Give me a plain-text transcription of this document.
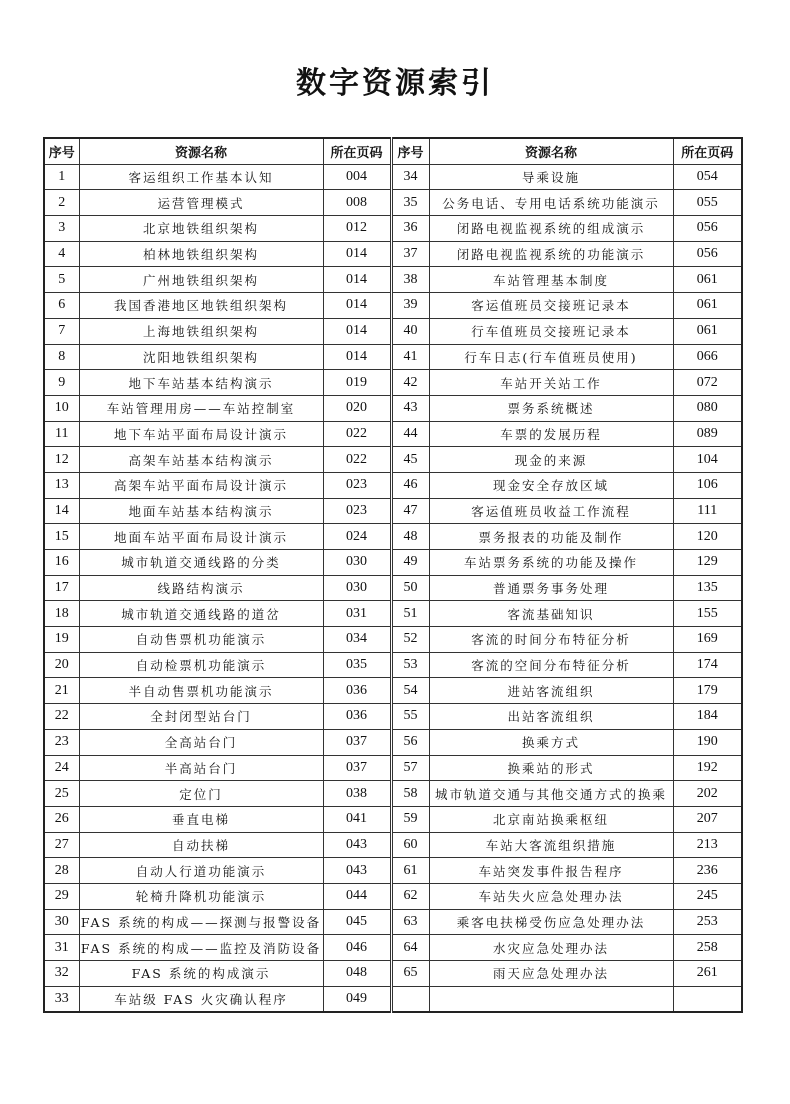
数字资源索引
序号	资源名称	所在页码	序号	资源名称	所在页码
1	客运组织工作基本认知	004	34	导乘设施	054
2	运营管理模式	008	35	公务电话、专用电话系统功能演示	055
3	北京地铁组织架构	012	36	闭路电视监视系统的组成演示	056
4	柏林地铁组织架构	014	37	闭路电视监视系统的功能演示	056
5	广州地铁组织架构	014	38	车站管理基本制度	061
6	我国香港地区地铁组织架构	014	39	客运值班员交接班记录本	061
7	上海地铁组织架构	014	40	行车值班员交接班记录本	061
8	沈阳地铁组织架构	014	41	行车日志(行车值班员使用)	066
9	地下车站基本结构演示	019	42	车站开关站工作	072
10	车站管理用房——车站控制室	020	43	票务系统概述	080
11	地下车站平面布局设计演示	022	44	车票的发展历程	089
12	高架车站基本结构演示	022	45	现金的来源	104
13	高架车站平面布局设计演示	023	46	现金安全存放区域	106
14	地面车站基本结构演示	023	47	客运值班员收益工作流程	111
15	地面车站平面布局设计演示	024	48	票务报表的功能及制作	120
16	城市轨道交通线路的分类	030	49	车站票务系统的功能及操作	129
17	线路结构演示	030	50	普通票务事务处理	135
18	城市轨道交通线路的道岔	031	51	客流基础知识	155
19	自动售票机功能演示	034	52	客流的时间分布特征分析	169
20	自动检票机功能演示	035	53	客流的空间分布特征分析	174
21	半自动售票机功能演示	036	54	进站客流组织	179
22	全封闭型站台门	036	55	出站客流组织	184
23	全高站台门	037	56	换乘方式	190
24	半高站台门	037	57	换乘站的形式	192
25	定位门	038	58	城市轨道交通与其他交通方式的换乘	202
26	垂直电梯	041	59	北京南站换乘枢纽	207
27	自动扶梯	043	60	车站大客流组织措施	213
28	自动人行道功能演示	043	61	车站突发事件报告程序	236
29	轮椅升降机功能演示	044	62	车站失火应急处理办法	245
30	FAS 系统的构成——探测与报警设备	045	63	乘客电扶梯受伤应急处理办法	253
31	FAS 系统的构成——监控及消防设备	046	64	水灾应急处理办法	258
32	FAS 系统的构成演示	048	65	雨天应急处理办法	261
33	车站级 FAS 火灾确认程序	049			
